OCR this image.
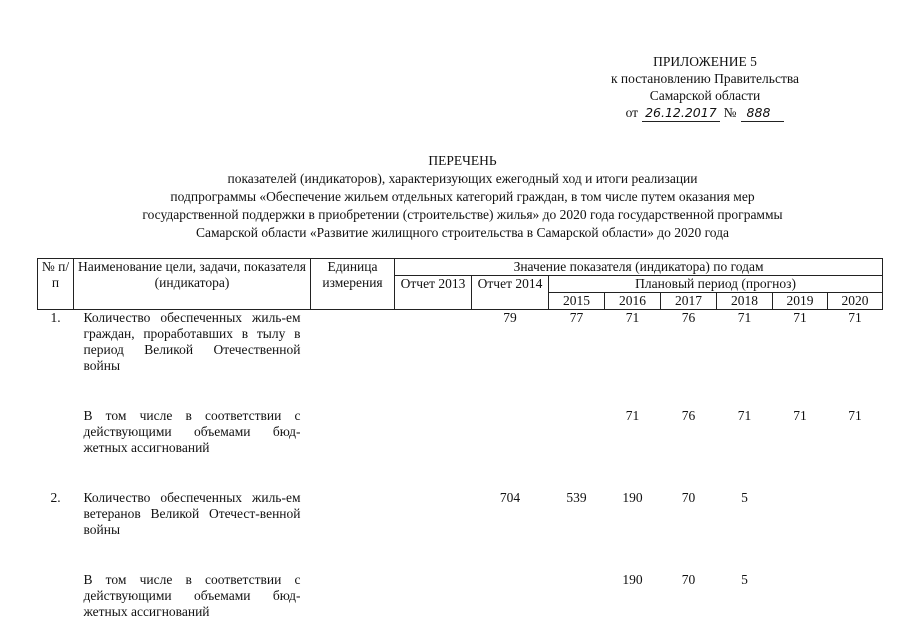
ПРИЛОЖЕНИЕ 5
к постановлению Правительства
Самарской области
от 26.12.2017 № 888
ПЕРЕЧЕНЬ
показателей (индикаторов), характеризующих ежегодный ход и итоги реализации
подпрограммы «Обеспечение жильем отдельных категорий граждан, в том числе путем оказания мер
государственной поддержки в приобретении (строительстве) жилья» до 2020 года государственной программы
Самарской области «Развитие жилищного строительства в Самарской области» до 2020 года
№ п/п	Наименование цели, задачи, показателя (индикатора)	Единица измерения	Значение показателя (индикатора) по годам							
			Отчет 2013	Отчет 2014	Плановый период (прогноз)					
					2015	2016	2017	2018	2019	2020
1.	Количество обеспеченных жиль-ем граждан, проработавших в тылу в период Великой Отечественной войны			79	77	71	76	71	71	71

	В том числе в соответствии с действующими объемами бюд-жетных ассигнований					71	76	71	71	71

2.	Количество обеспеченных жиль-ем ветеранов Великой Отечест-венной войны			704	539	190	70	5		

	В том числе в соответствии с действующими объемами бюд-жетных ассигнований					190	70	5		
